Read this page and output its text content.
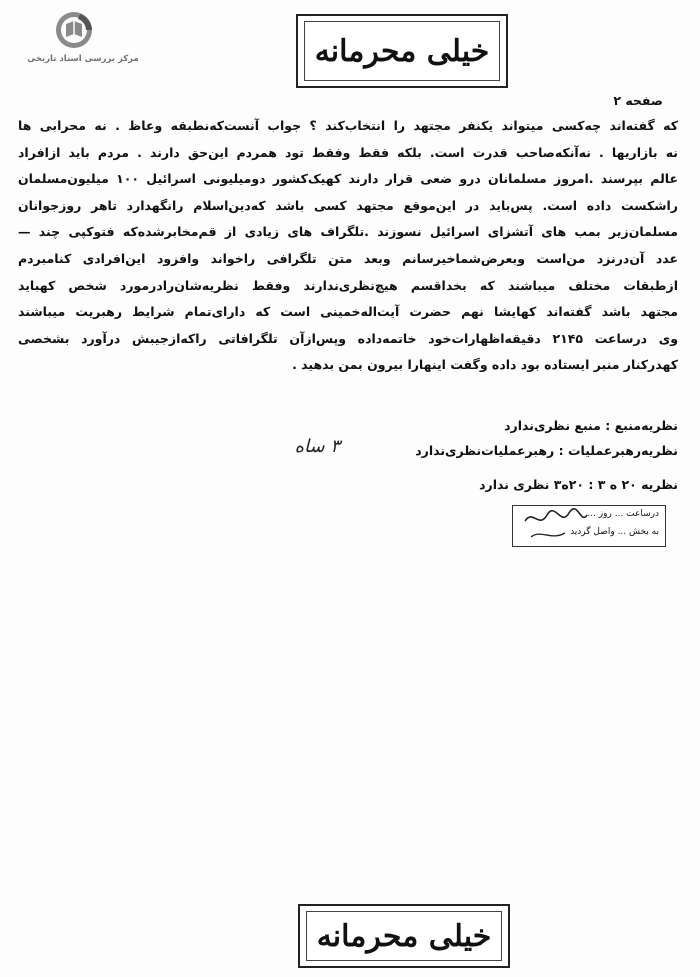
مرکز بررسی اسناد تاریخی	خیلی محرمانه
صفحه ۲
که گفته‌اند چه‌کسی میتواند یکنفر مجتهد را انتخاب‌کند ؟ جواب آنست‌که‌نطبقه وعاظ . نه محرابی ها
نه بازاریها . نه‌آنکه‌صاحب قدرت است. بلکه فقط وفقط تود همردم این‌حق دارند . مردم باید ازافراد
عالم بپرسند .امروز مسلمانان درو ضعی قرار دارند کهیک‌کشور دومیلیونی اسرائیل ۱۰۰ میلیون‌مسلمان
راشکست داده است. پس‌باید در این‌موقع مجتهد کسی باشد که‌دین‌اسلام رانگهدارد تاهر روزجوانان
مسلمان‌زیر بمب های آتشزای اسرائیل نسوزند .تلگراف های زیادی از قم‌مخابرشده‌که فتوکپی چند —
عدد آن‌درنزد من‌است وبعرض‌شماخیرسانم وبعد متن تلگرافی راخواند وافزود این‌افرادی کنامبردم
ازطبقات مختلف میباشند که بخداقسم هیچ‌نظری‌ندارند وفقط نظریه‌شان‌رادرمورد شخص کهباید
مجتهد باشد گفته‌اند کهایشا نهم حضرت آیت‌اله‌خمینی است که دارای‌تمام شرایط رهبریت میباشند
وی درساعت ۲۱۴۵ دقیقه‌اظهارات‌خود خاتمه‌داده وپس‌ازآن تلگرافاتی راکه‌ازجیبش درآورد بشخصی
کهدرکنار منبر ایستاده بود داده وگفت اینهارا بیرون بمن بدهید .
نظریه‌منبع : منبع نظری‌ندارد
نظریه‌رهبرعملیات : رهبرعملیات‌نظری‌ندارد
۳ ساه
نظریه ۲۰ ه ۳ : ۲۰ه۳ نظری ندارد
درساعت ... روز ...
به بخش ... واصل گردید
خیلی محرمانه
